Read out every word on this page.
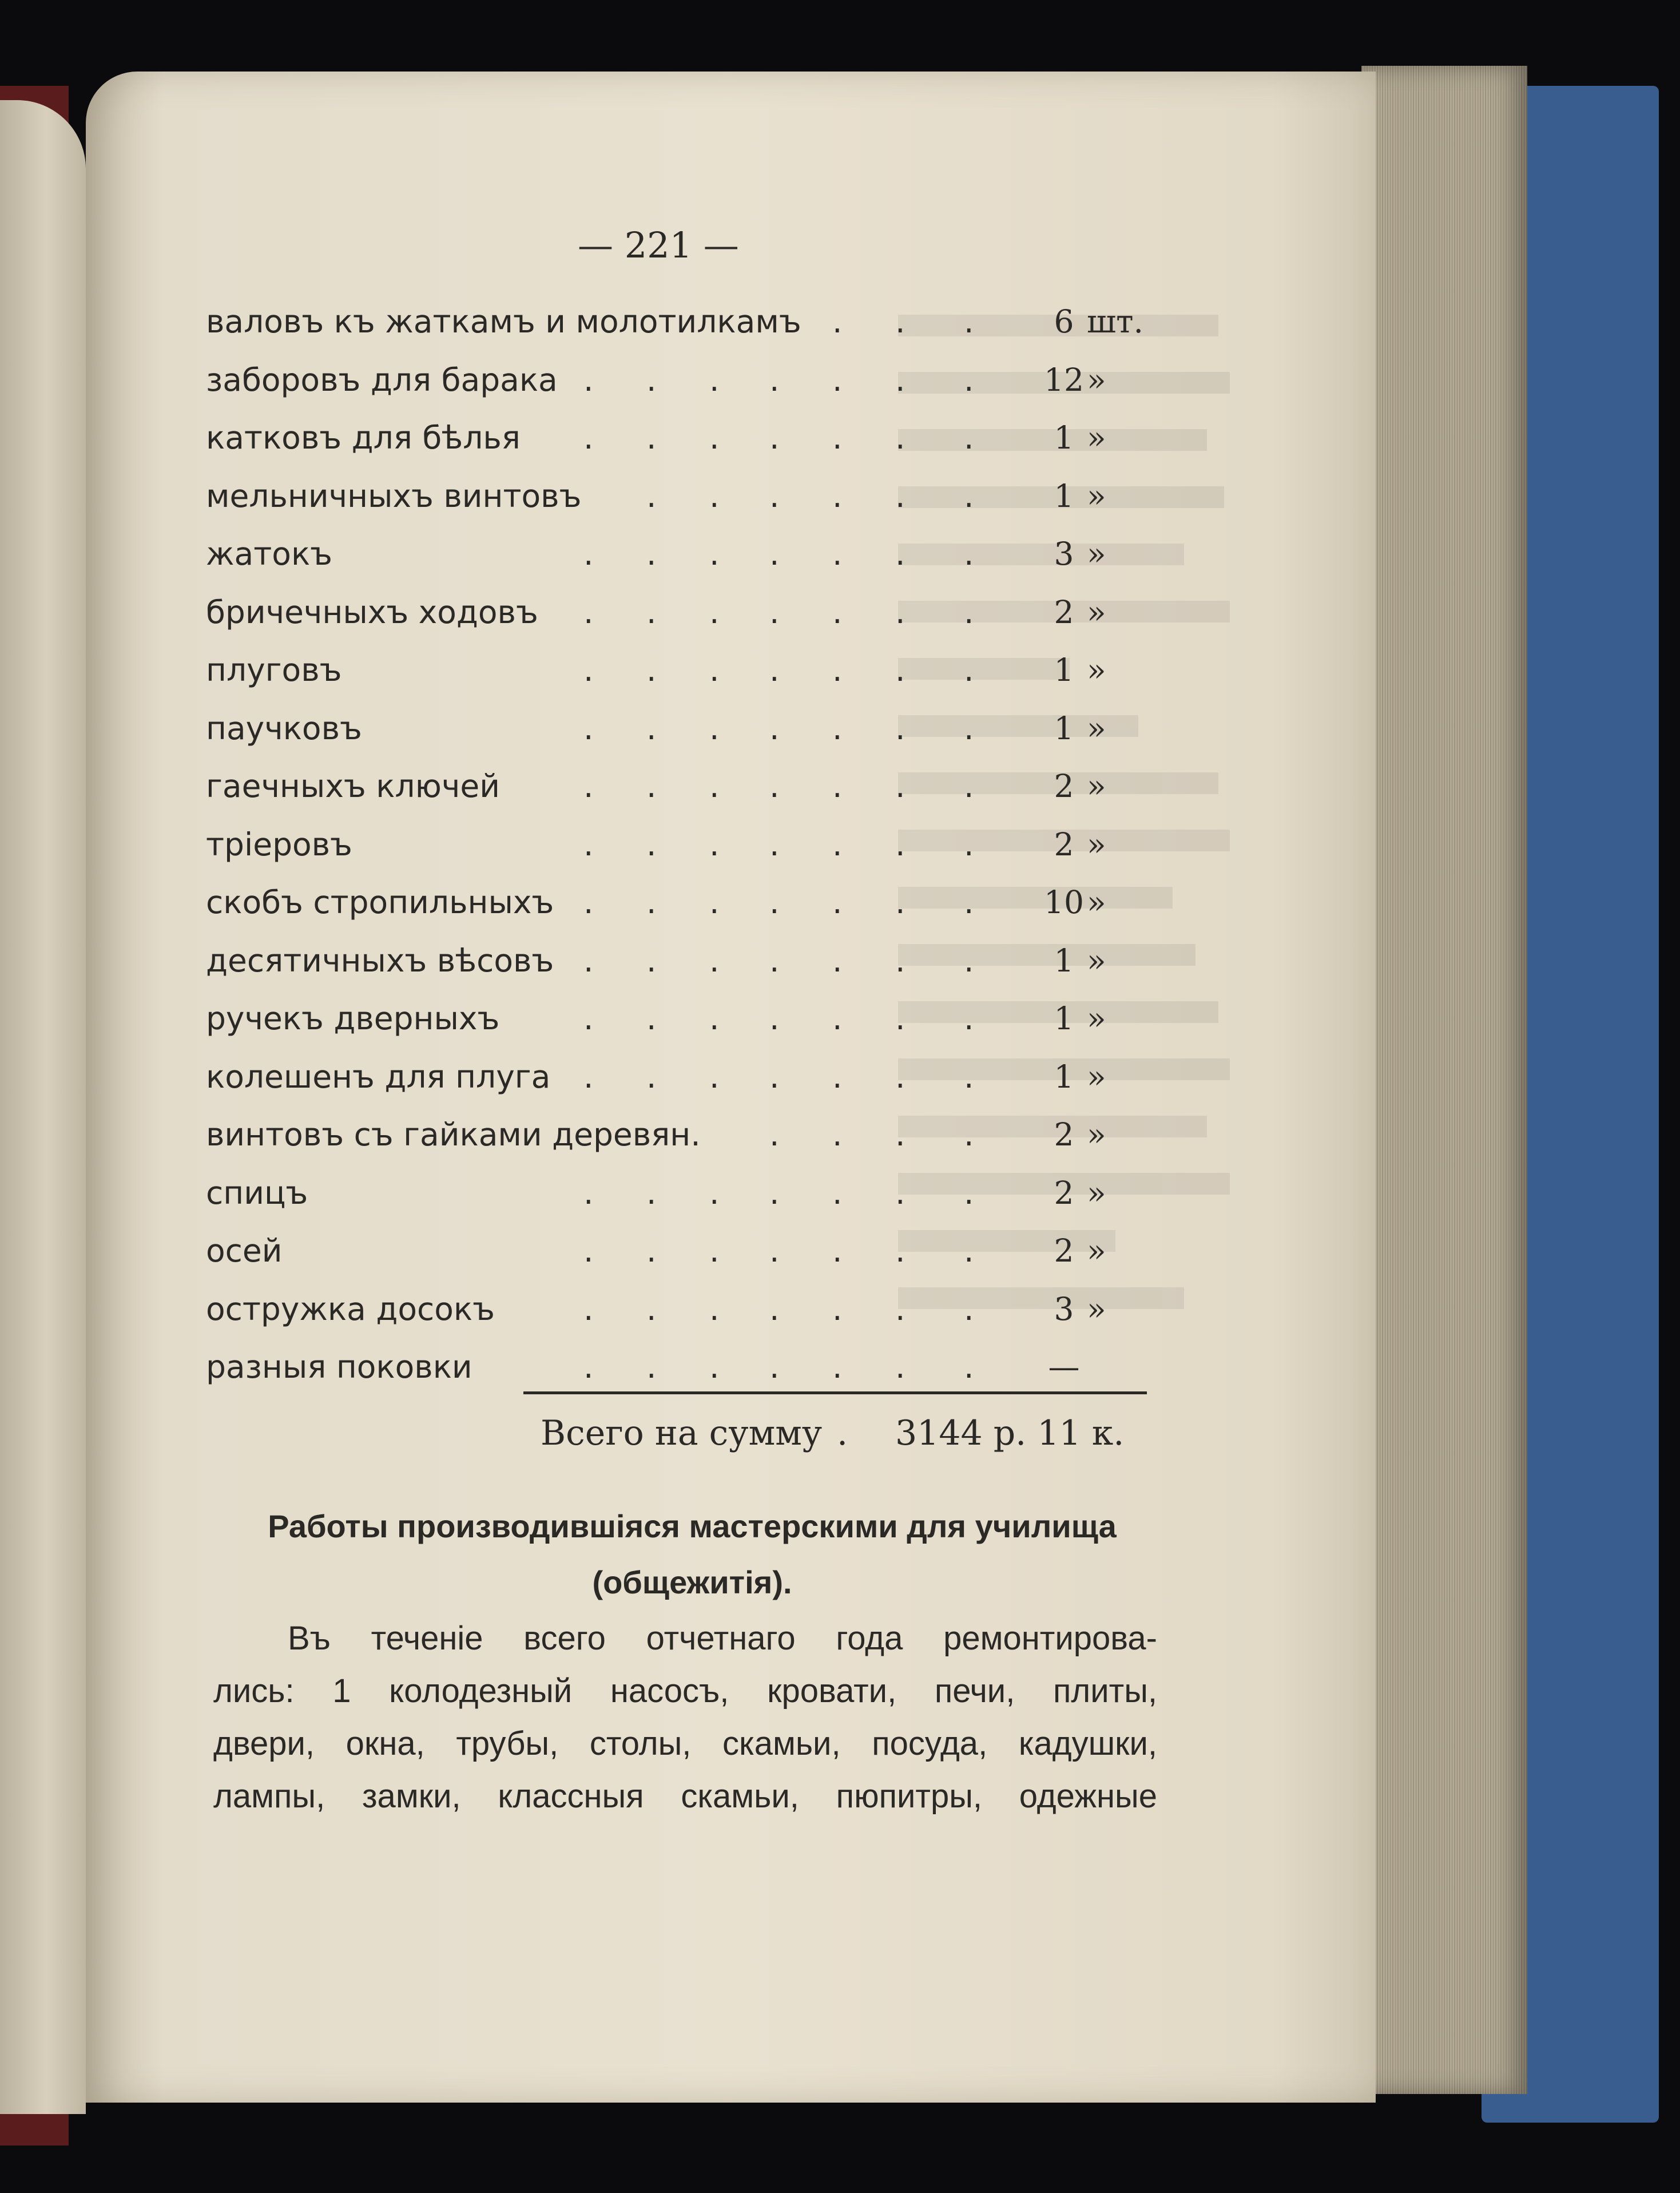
— 221 —
валовъ къ жаткамъ и молотилкамъ	6 шт.
. . .
заборовъ для барака	12 »
. . . . . . .
катковъ для бѣлья	1 »
. . . . . . .
мельничныхъ винтовъ	1 »
. . . . . .
жатокъ	3 »
. . . . . . .
бричечныхъ ходовъ	2 »
. . . . . . .
плуговъ	1 »
. . . . . . .
паучковъ	1 »
. . . . . . .
гаечныхъ ключей	2 »
. . . . . . .
тріеровъ	2 »
. . . . . . .
скобъ стропильныхъ	10 »
. . . . . . .
десятичныхъ вѣсовъ	1 »
. . . . . . .
ручекъ дверныхъ	1 »
. . . . . . .
колешенъ для плуга	1 »
. . . . . . .
винтовъ съ гайками деревян.	2 »
. . . .
спицъ	2 »
. . . . . . .
осей	2 »
. . . . . . .
остружка досокъ	3 »
. . . . . . .
разныя поковки	—
. . . . . . .
Всего на сумму . 3144 р. 11 к.
Работы производившіяся мастерскими для училища
(общежитія).
Въ теченіе всего отчетнаго года ремонтирова-
лись: 1 колодезный насосъ, кровати, печи, плиты,
двери, окна, трубы, столы, скамьи, посуда, кадушки,
лампы, замки, классныя скамьи, пюпитры, одежные
